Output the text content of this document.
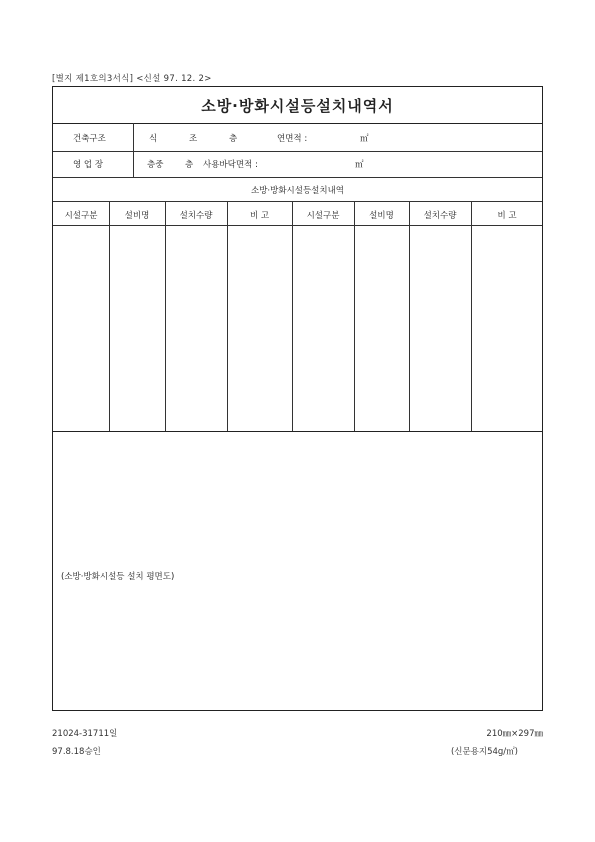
[별지 제1호의3서식] <신설 97. 12. 2>
소방·방화시설등설치내역서
건축구조	식	조	층	연면적 :	㎡
영 업 장	층중	층 사용바닥면적 :	㎡
소방·방화시설등설치내역
시설구분	설비명	설치수량	비 고	시설구분	설비명	설치수량	비 고
(소방·방화시설등 설치 평면도)
21024-31711일
97.8.18승인
210㎜×297㎜
(신문용지54g/㎡)
